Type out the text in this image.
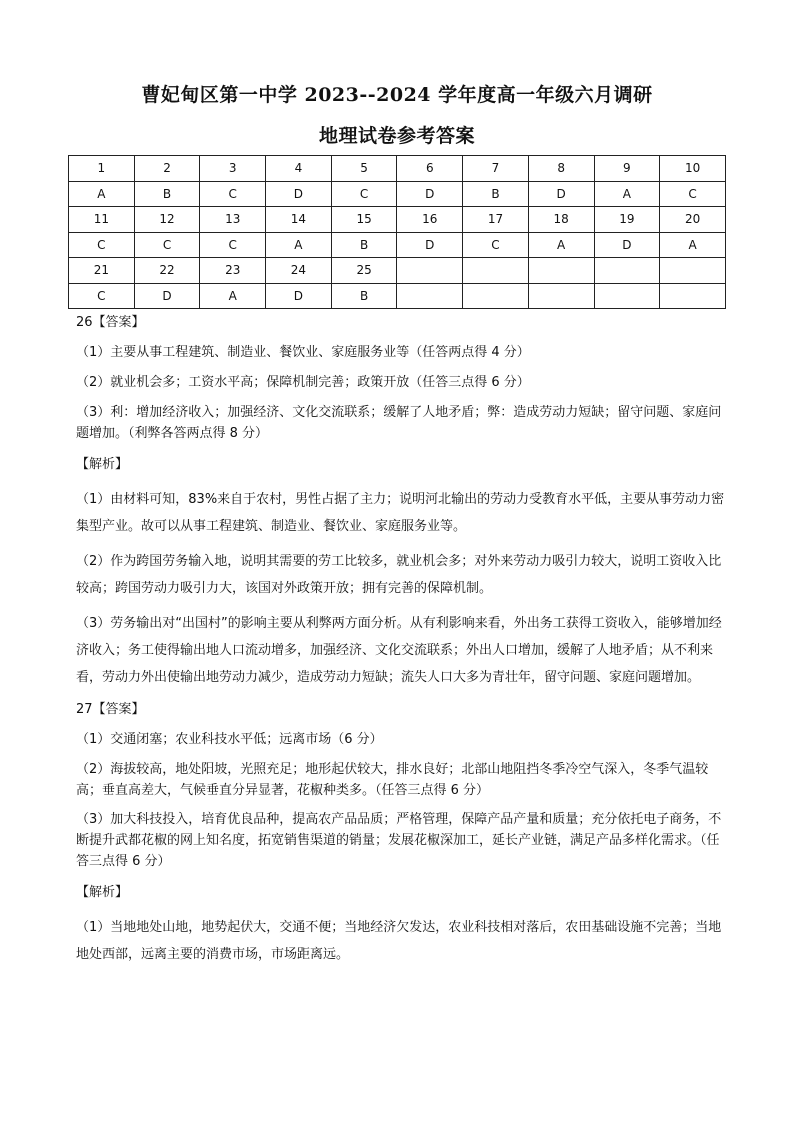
曹妃甸区第一中学 2023--2024 学年度高一年级六月调研
地理试卷参考答案
1	2	3	4	5	6	7	8	9	10
A	B	C	D	C	D	B	D	A	C
11	12	13	14	15	16	17	18	19	20
C	C	C	A	B	D	C	A	D	A
21	22	23	24	25					
C	D	A	D	B					

26【答案】

（1）主要从事工程建筑、制造业、餐饮业、家庭服务业等（任答两点得 4 分）

（2）就业机会多；工资水平高；保障机制完善；政策开放（任答三点得 6 分）

（3）利：增加经济收入；加强经济、文化交流联系；缓解了人地矛盾；弊：造成劳动力短缺；留守问题、家庭问题增加。（利弊各答两点得 8 分）

【解析】

（1）由材料可知，83%来自于农村，男性占据了主力；说明河北输出的劳动力受教育水平低，主要从事劳动力密集型产业。故可以从事工程建筑、制造业、餐饮业、家庭服务业等。

（2）作为跨国劳务输入地，说明其需要的劳工比较多，就业机会多；对外来劳动力吸引力较大，说明工资收入比较高；跨国劳动力吸引力大，该国对外政策开放；拥有完善的保障机制。

（3）劳务输出对“出国村”的影响主要从利弊两方面分析。从有利影响来看，外出务工获得工资收入，能够增加经济收入；务工使得输出地人口流动增多，加强经济、文化交流联系；外出人口增加，缓解了人地矛盾；从不利来看，劳动力外出使输出地劳动力减少，造成劳动力短缺；流失人口大多为青壮年，留守问题、家庭问题增加。

27【答案】

（1）交通闭塞；农业科技水平低；远离市场（6 分）

（2）海拔较高，地处阳坡，光照充足；地形起伏较大，排水良好；北部山地阻挡冬季冷空气深入，冬季气温较高；垂直高差大，气候垂直分异显著，花椒种类多。（任答三点得 6 分）

（3）加大科技投入，培育优良品种，提高农产品品质；严格管理，保障产品产量和质量；充分依托电子商务，不断提升武都花椒的网上知名度，拓宽销售渠道的销量；发展花椒深加工，延长产业链，满足产品多样化需求。（任答三点得 6 分）

【解析】

（1）当地地处山地，地势起伏大，交通不便；当地经济欠发达，农业科技相对落后，农田基础设施不完善；当地地处西部，远离主要的消费市场，市场距离远。
